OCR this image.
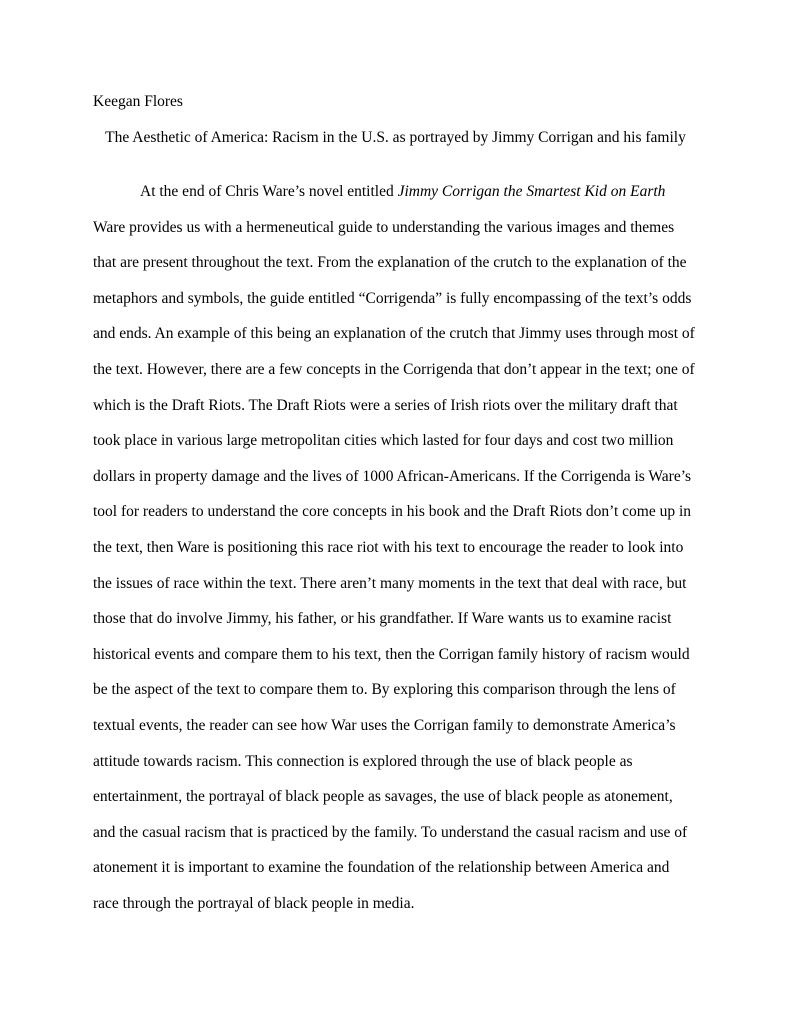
Keegan Flores
The Aesthetic of America: Racism in the U.S. as portrayed by Jimmy Corrigan and his family
At the end of Chris Ware’s novel entitled Jimmy Corrigan the Smartest Kid on Earth
Ware provides us with a hermeneutical guide to understanding the various images and themes
that are present throughout the text. From the explanation of the crutch to the explanation of the
metaphors and symbols, the guide entitled “Corrigenda” is fully encompassing of the text’s odds
and ends. An example of this being an explanation of the crutch that Jimmy uses through most of
the text. However, there are a few concepts in the Corrigenda that don’t appear in the text; one of
which is the Draft Riots. The Draft Riots were a series of Irish riots over the military draft that
took place in various large metropolitan cities which lasted for four days and cost two million
dollars in property damage and the lives of 1000 African-Americans. If the Corrigenda is Ware’s
tool for readers to understand the core concepts in his book and the Draft Riots don’t come up in
the text, then Ware is positioning this race riot with his text to encourage the reader to look into
the issues of race within the text. There aren’t many moments in the text that deal with race, but
those that do involve Jimmy, his father, or his grandfather. If Ware wants us to examine racist
historical events and compare them to his text, then the Corrigan family history of racism would
be the aspect of the text to compare them to. By exploring this comparison through the lens of
textual events, the reader can see how War uses the Corrigan family to demonstrate America’s
attitude towards racism. This connection is explored through the use of black people as
entertainment, the portrayal of black people as savages, the use of black people as atonement,
and the casual racism that is practiced by the family. To understand the casual racism and use of
atonement it is important to examine the foundation of the relationship between America and
race through the portrayal of black people in media.
